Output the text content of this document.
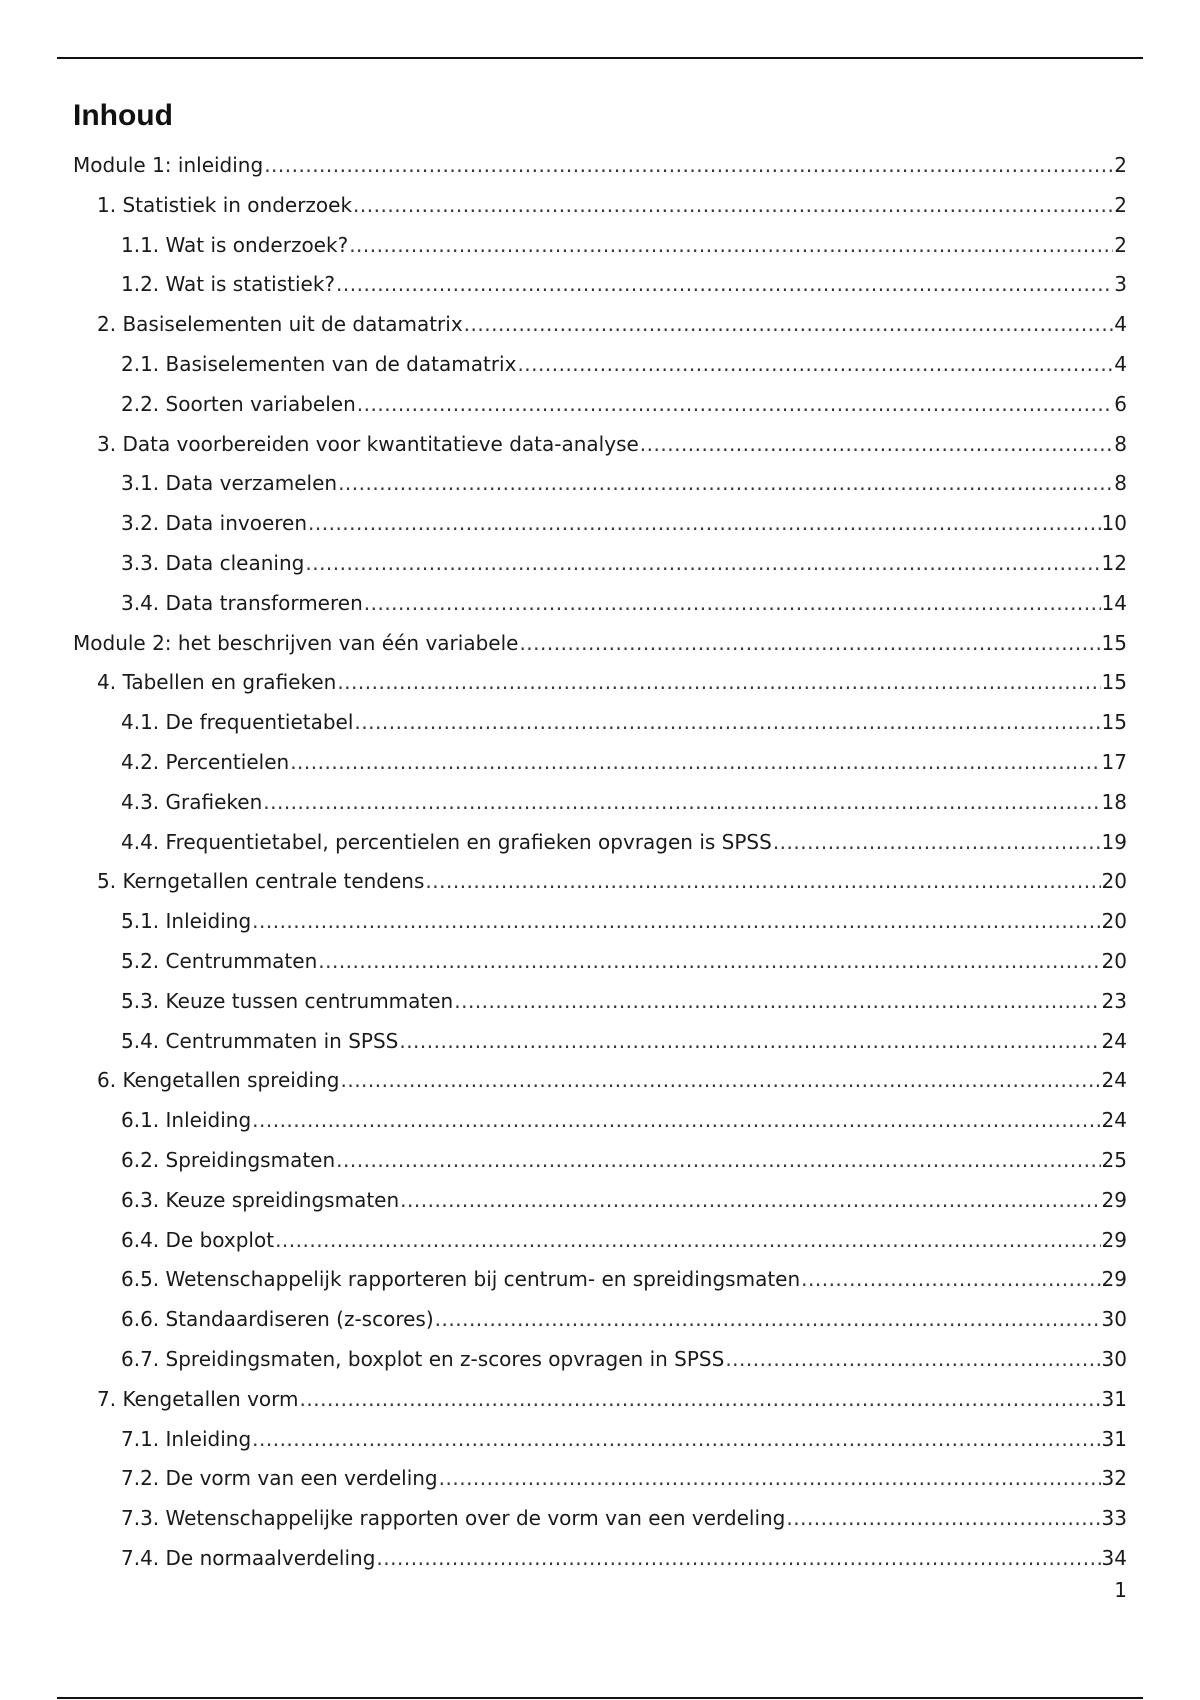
Inhoud
Module 1: inleiding .....	2
1. Statistiek in onderzoek .....	2
1.1. Wat is onderzoek? .....	2
1.2. Wat is statistiek? .....	3
2. Basiselementen uit de datamatrix .....	4
2.1. Basiselementen van de datamatrix .....	4
2.2. Soorten variabelen .....	6
3. Data voorbereiden voor kwantitatieve data-analyse .....	8
3.1. Data verzamelen .....	8
3.2. Data invoeren .....	10
3.3. Data cleaning .....	12
3.4. Data transformeren .....	14
Module 2: het beschrijven van één variabele .....	15
4. Tabellen en grafieken .....	15
4.1. De frequentietabel .....	15
4.2. Percentielen .....	17
4.3. Grafieken .....	18
4.4. Frequentietabel, percentielen en grafieken opvragen is SPSS .....	19
5. Kerngetallen centrale tendens .....	20
5.1. Inleiding .....	20
5.2. Centrummaten .....	20
5.3. Keuze tussen centrummaten .....	23
5.4. Centrummaten in SPSS .....	24
6. Kengetallen spreiding .....	24
6.1. Inleiding .....	24
6.2. Spreidingsmaten .....	25
6.3. Keuze spreidingsmaten .....	29
6.4. De boxplot .....	29
6.5. Wetenschappelijk rapporteren bij centrum- en spreidingsmaten .....	29
6.6. Standaardiseren (z-scores) .....	30
6.7. Spreidingsmaten, boxplot en z-scores opvragen in SPSS .....	30
7. Kengetallen vorm .....	31
7.1. Inleiding .....	31
7.2. De vorm van een verdeling .....	32
7.3. Wetenschappelijke rapporten over de vorm van een verdeling .....	33
7.4. De normaalverdeling .....	34
1
